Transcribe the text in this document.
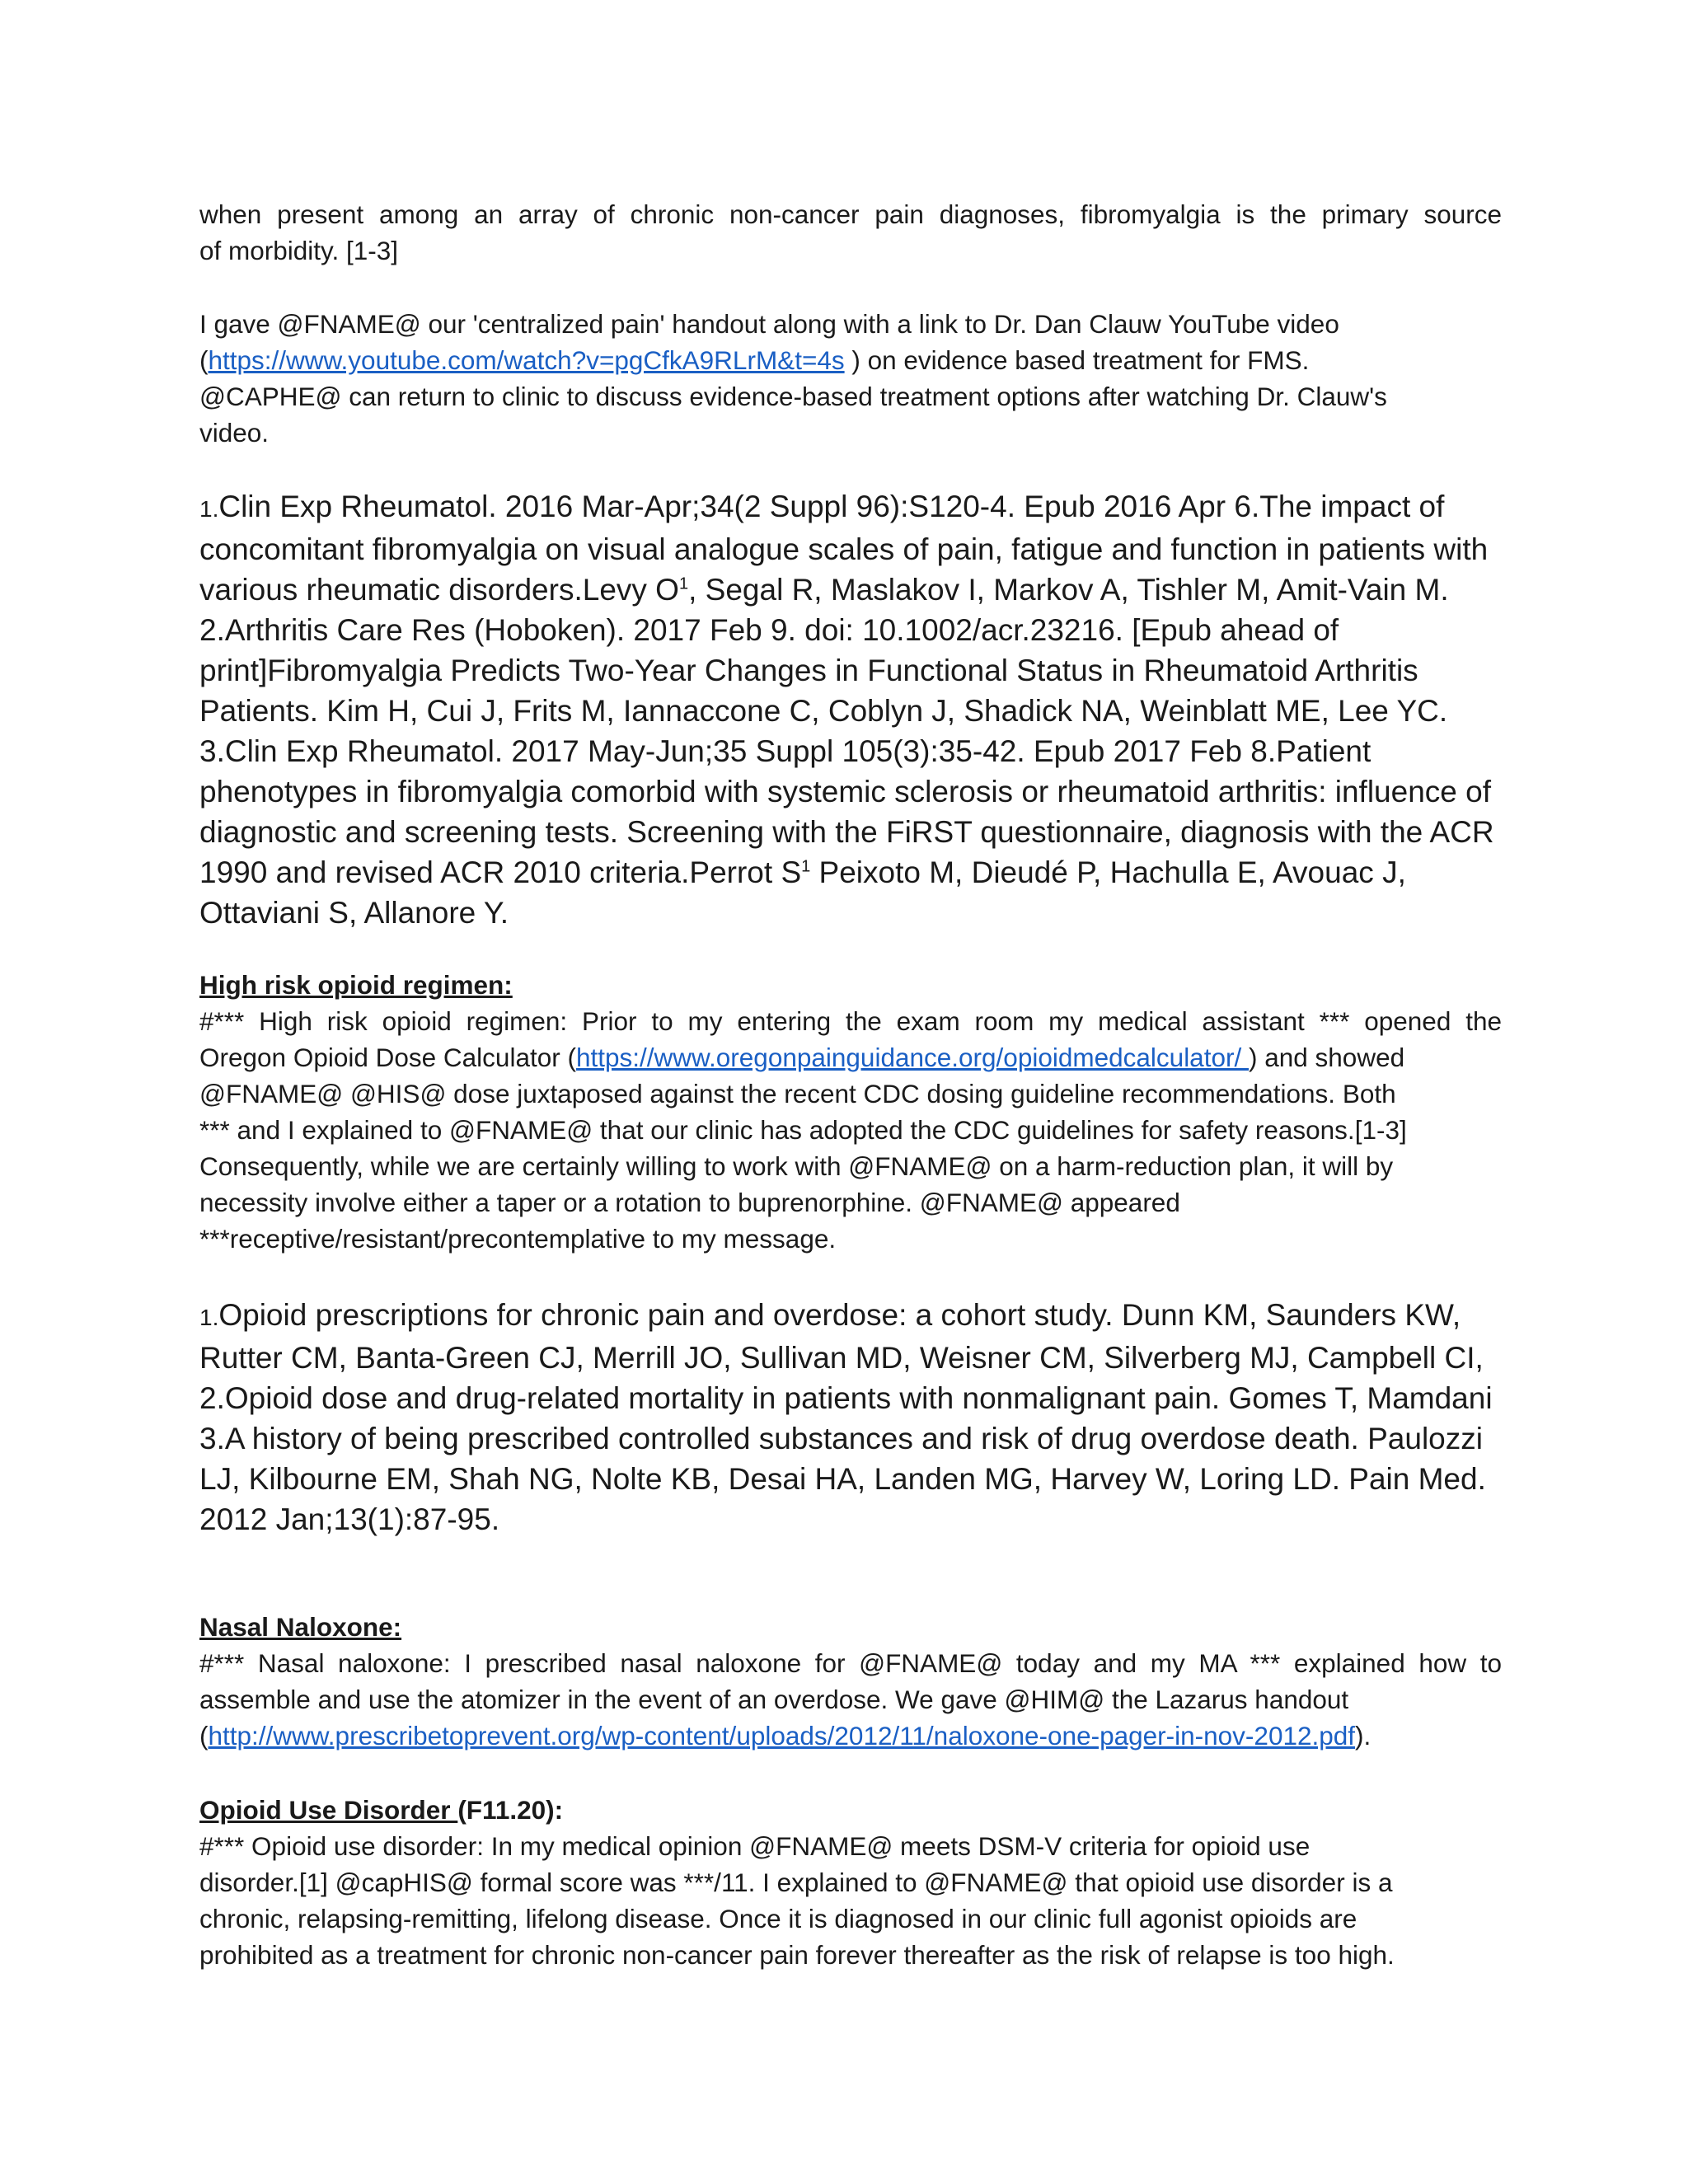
when present among an array of chronic non-cancer pain diagnoses, fibromyalgia is the primary source
of morbidity. [1-3]
I gave @FNAME@ our 'centralized pain' handout along with a link to Dr. Dan Clauw YouTube video
(https://www.youtube.com/watch?v=pgCfkA9RLrM&t=4s ) on evidence based treatment for FMS.
@CAPHE@ can return to clinic to discuss evidence-based treatment options after watching Dr. Clauw's
video.
1.Clin Exp Rheumatol. 2016 Mar-Apr;34(2 Suppl 96):S120-4. Epub 2016 Apr 6.The impact of
concomitant fibromyalgia on visual analogue scales of pain, fatigue and function in patients with
various rheumatic disorders.Levy $O^1$, Segal R, Maslakov I, Markov A, Tishler M, Amit-Vain M.
2.Arthritis Care Res (Hoboken). 2017 Feb 9. doi: 10.1002/acr.23216. [Epub ahead of
print]Fibromyalgia Predicts Two-Year Changes in Functional Status in Rheumatoid Arthritis
Patients. Kim H, Cui J, Frits M, Iannaccone C, Coblyn J, Shadick NA, Weinblatt ME, Lee YC.
3.Clin Exp Rheumatol. 2017 May-Jun;35 Suppl 105(3):35-42. Epub 2017 Feb 8.Patient
phenotypes in fibromyalgia comorbid with systemic sclerosis or rheumatoid arthritis: influence of
diagnostic and screening tests. Screening with the FiRST questionnaire, diagnosis with the ACR
1990 and revised ACR 2010 criteria.Perrot $S^1$ Peixoto M, Dieudé P, Hachulla E, Avouac J,
Ottaviani S, Allanore Y.
High risk opioid regimen:
#*** High risk opioid regimen: Prior to my entering the exam room my medical assistant *** opened the
Oregon Opioid Dose Calculator (https://www.oregonpainguidance.org/opioidmedcalculator/ ) and showed
@FNAME@ @HIS@ dose juxtaposed against the recent CDC dosing guideline recommendations. Both
*** and I explained to @FNAME@ that our clinic has adopted the CDC guidelines for safety reasons.[1-3]
Consequently, while we are certainly willing to work with @FNAME@ on a harm-reduction plan, it will by
necessity involve either a taper or a rotation to buprenorphine. @FNAME@ appeared
***receptive/resistant/precontemplative to my message.
1.Opioid prescriptions for chronic pain and overdose: a cohort study. Dunn KM, Saunders KW,
Rutter CM, Banta-Green CJ, Merrill JO, Sullivan MD, Weisner CM, Silverberg MJ, Campbell CI,
2.Opioid dose and drug-related mortality in patients with nonmalignant pain. Gomes T, Mamdani
3.A history of being prescribed controlled substances and risk of drug overdose death. Paulozzi
LJ, Kilbourne EM, Shah NG, Nolte KB, Desai HA, Landen MG, Harvey W, Loring LD. Pain Med.
2012 Jan;13(1):87-95.
Nasal Naloxone:
#*** Nasal naloxone: I prescribed nasal naloxone for @FNAME@ today and my MA *** explained how to
assemble and use the atomizer in the event of an overdose. We gave @HIM@ the Lazarus handout
(http://www.prescribetoprevent.org/wp-content/uploads/2012/11/naloxone-one-pager-in-nov-2012.pdf).
Opioid Use Disorder (F11.20):
#*** Opioid use disorder: In my medical opinion @FNAME@ meets DSM-V criteria for opioid use
disorder.[1] @capHIS@ formal score was ***/11. I explained to @FNAME@ that opioid use disorder is a
chronic, relapsing-remitting, lifelong disease. Once it is diagnosed in our clinic full agonist opioids are
prohibited as a treatment for chronic non-cancer pain forever thereafter as the risk of relapse is too high.
